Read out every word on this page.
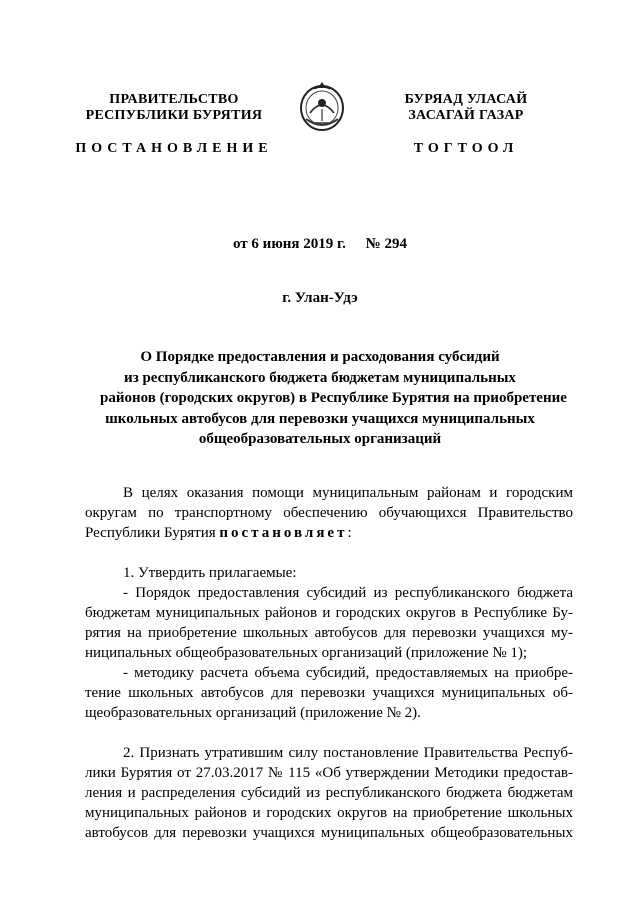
ПРАВИТЕЛЬСТВО
РЕСПУБЛИКИ БУРЯТИЯ
БУРЯАД УЛАСАЙ
ЗАСАГАЙ ГАЗАР
ПОСТАНОВЛЕНИЕ	ТОГТООЛ
от 6 июня 2019 г. № 294
г. Улан-Удэ
О Порядке предоставления и расходования субсидий
из республиканского бюджета бюджетам муниципальных
районов (городских округов) в Республике Бурятия на приобретение
школьных автобусов для перевозки учащихся муниципальных
общеобразовательных организаций
В целях оказания помощи муниципальным районам и городским
округам по транспортному обеспечению обучающихся Правительство
Республики Бурятия постановляет:
1. Утвердить прилагаемые:
- Порядок предоставления субсидий из республиканского бюджета
бюджетам муниципальных районов и городских округов в Республике Бу-
рятия на приобретение школьных автобусов для перевозки учащихся му-
ниципальных общеобразовательных организаций (приложение № 1);
- методику расчета объема субсидий, предоставляемых на приобре-
тение школьных автобусов для перевозки учащихся муниципальных об-
щеобразовательных организаций (приложение № 2).
2. Признать утратившим силу постановление Правительства Респуб-
лики Бурятия от 27.03.2017 № 115 «Об утверждении Методики предостав-
ления и распределения субсидий из республиканского бюджета бюджетам
муниципальных районов и городских округов на приобретение школьных
автобусов для перевозки учащихся муниципальных общеобразовательных
